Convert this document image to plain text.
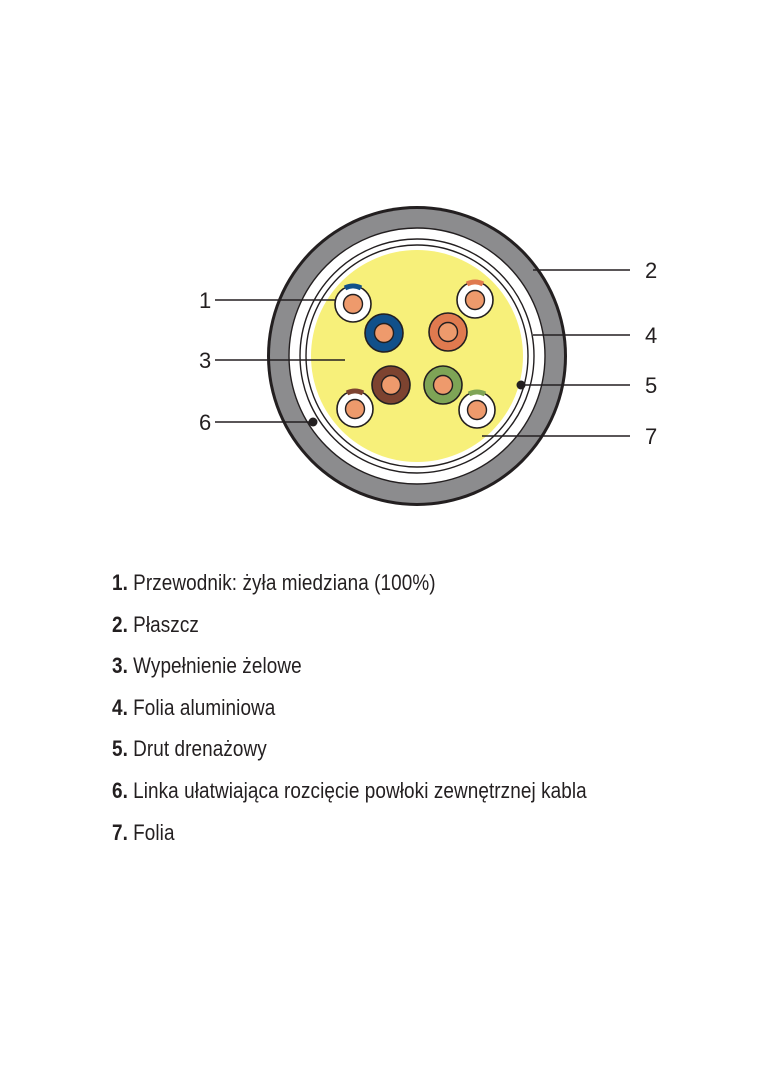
1
2
3
4
5
6
7
1. Przewodnik: żyła miedziana (100%)
2. Płaszcz
3. Wypełnienie żelowe
4. Folia aluminiowa
5. Drut drenażowy
6. Linka ułatwiająca rozcięcie powłoki zewnętrznej kabla
7. Folia
